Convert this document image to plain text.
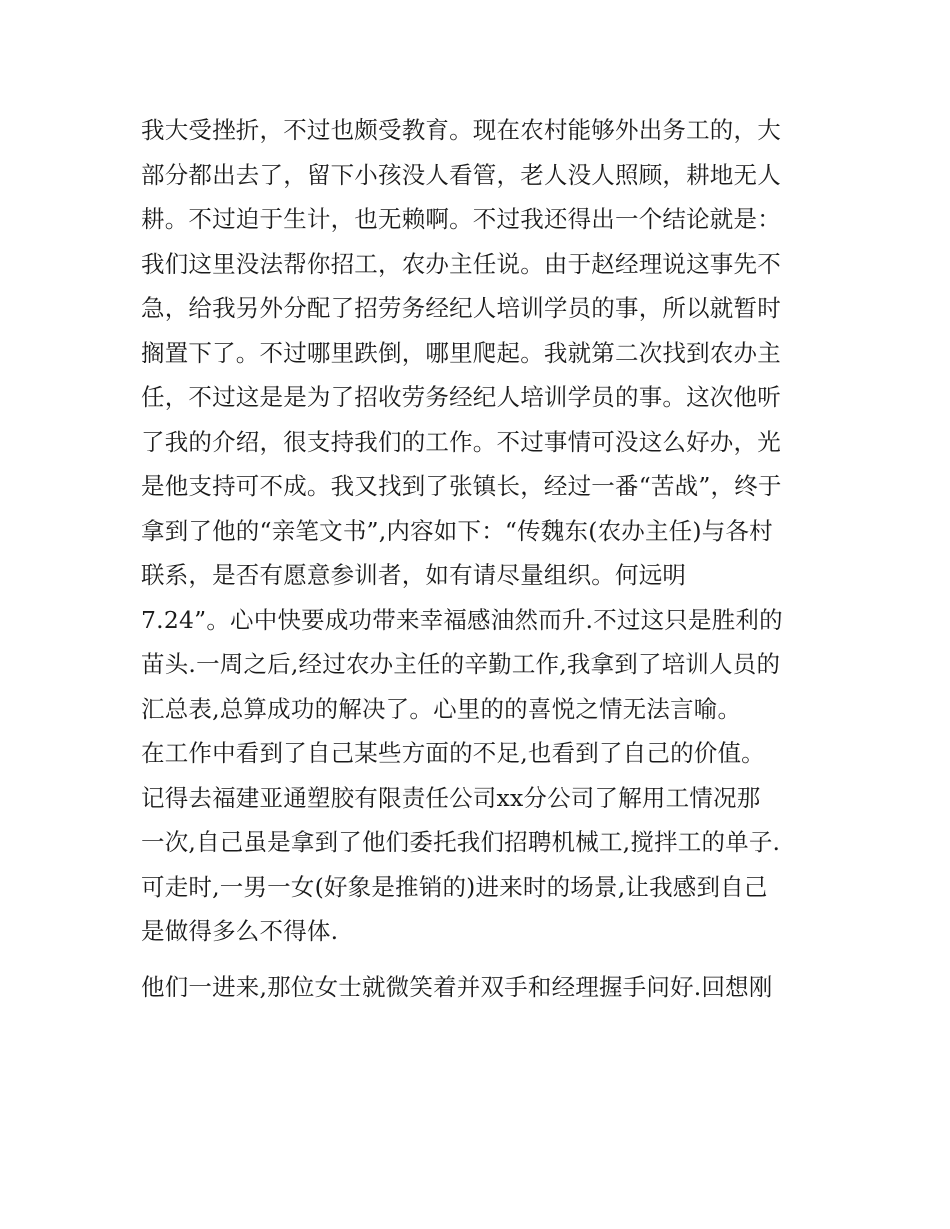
我大受挫折，不过也颇受教育。现在农村能够外出务工的，大
部分都出去了，留下小孩没人看管，老人没人照顾，耕地无人
耕。不过迫于生计，也无赖啊。不过我还得出一个结论就是：
我们这里没法帮你招工，农办主任说。由于赵经理说这事先不
急，给我另外分配了招劳务经纪人培训学员的事，所以就暂时
搁置下了。不过哪里跌倒，哪里爬起。我就第二次找到农办主
任，不过这是是为了招收劳务经纪人培训学员的事。这次他听
了我的介绍，很支持我们的工作。不过事情可没这么好办，光
是他支持可不成。我又找到了张镇长，经过一番“苦战”，终于
拿到了他的“亲笔文书”,内容如下：“传魏东(农办主任)与各村
联系，是否有愿意参训者，如有请尽量组织。何远明
7.24”。心中快要成功带来幸福感油然而升.不过这只是胜利的
苗头.一周之后,经过农办主任的辛勤工作,我拿到了培训人员的
汇总表,总算成功的解决了。心里的的喜悦之情无法言喻。
在工作中看到了自己某些方面的不足,也看到了自己的价值。
记得去福建亚通塑胶有限责任公司xx分公司了解用工情况那
一次,自己虽是拿到了他们委托我们招聘机械工,搅拌工的单子.
可走时,一男一女(好象是推销的)进来时的场景,让我感到自己
是做得多么不得体.
他们一进来,那位女士就微笑着并双手和经理握手问好.回想刚
